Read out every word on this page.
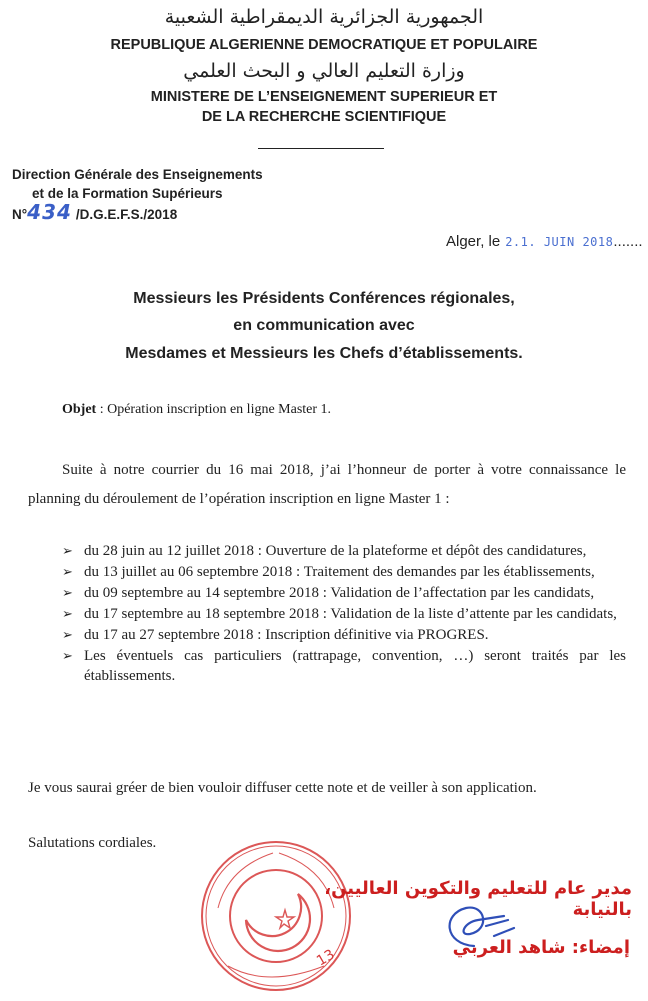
الجمهورية الجزائرية الديمقراطية الشعبية
REPUBLIQUE ALGERIENNE DEMOCRATIQUE ET POPULAIRE
وزارة التعليم العالي و البحث العلمي
MINISTERE DE L’ENSEIGNEMENT SUPERIEUR ET
DE LA RECHERCHE SCIENTIFIQUE
Direction Générale des Enseignements
et de la Formation Supérieurs
N° 434 /D.G.E.F.S./2018
Alger, le 2.1. JUIN 2018 .......
Messieurs les Présidents Conférences régionales,
en communication avec
Mesdames et Messieurs les Chefs d’établissements.
Objet : Opération inscription en ligne Master 1.
Suite à notre courrier du 16 mai 2018, j’ai l’honneur de porter à votre connaissance le planning du déroulement de l’opération inscription en ligne Master 1 :
➢ du 28 juin au 12 juillet 2018 : Ouverture de la plateforme et dépôt des candidatures,
➢ du 13 juillet au 06 septembre 2018 : Traitement des demandes par les établissements,
➢ du 09 septembre au 14 septembre 2018 : Validation de l’affectation par les candidats,
➢ du 17 septembre au 18 septembre 2018 : Validation de la liste d’attente par les candidats,
➢ du 17 au 27 septembre 2018 : Inscription définitive via PROGRES.
➢ Les éventuels cas particuliers (rattrapage, convention, …) seront traités par les établissements.
Je vous saurai gréer de bien vouloir diffuser cette note et de veiller à son application.
Salutations cordiales.
13
مدير عام للتعليم والتكوين العاليين، بالنيابة
إمضاء: شاهد العربي
